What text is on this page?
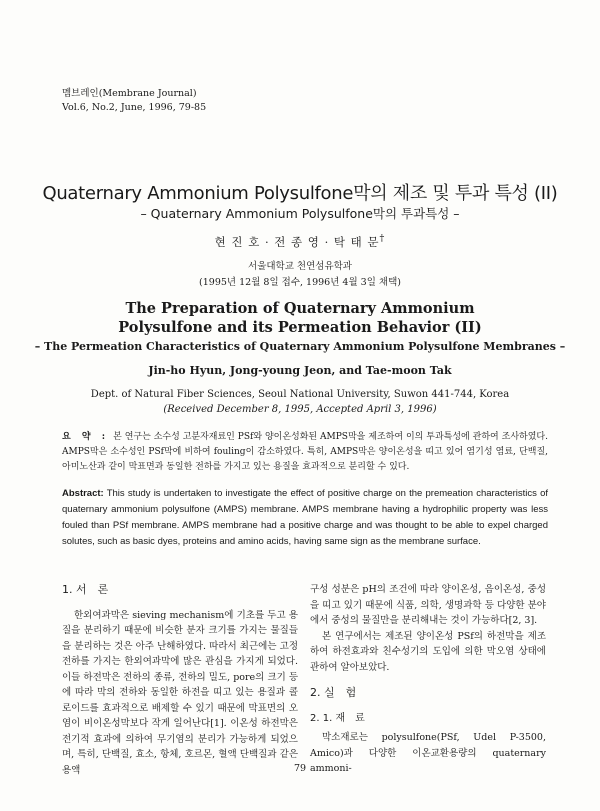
멤브레인(Membrane Journal)
Vol.6, No.2, June, 1996, 79-85
Quaternary Ammonium Polysulfone막의 제조 및 투과 특성 (II)
– Quaternary Ammonium Polysulfone막의 투과특성 –
현 진 호 · 전 종 영 · 탁 태 문†
서울대학교 천연섬유학과
(1995년 12월 8일 접수, 1996년 4월 3일 채택)
The Preparation of Quaternary Ammonium
Polysulfone and its Permeation Behavior (II)
– The Permeation Characteristics of Quaternary Ammonium Polysulfone Membranes –
Jin-ho Hyun, Jong-young Jeon, and Tae-moon Tak
Dept. of Natural Fiber Sciences, Seoul National University, Suwon 441-744, Korea
(Received December 8, 1995, Accepted April 3, 1996)
요 약 : 본 연구는 소수성 고분자재료인 PSf와 양이온성화된 AMPS막을 제조하여 이의 투과특성에 관하여 조사하였다. AMPS막은 소수성인 PSf막에 비하여 fouling이 감소하였다. 특히, AMPS막은 양이온성을 띠고 있어 염기성 염료, 단백질, 아미노산과 같이 막표면과 동일한 전하를 가지고 있는 용질을 효과적으로 분리할 수 있다.
Abstract: This study is undertaken to investigate the effect of positive charge on the premeation characteristics of quaternary ammonium polysulfone (AMPS) membrane. AMPS membrane having a hydrophilic property was less fouled than PSf membrane. AMPS membrane had a positive charge and was thought to be able to expel charged solutes, such as basic dyes, proteins and amino acids, having same sign as the membrane surface.
1. 서　론

한외여과막은 sieving mechanism에 기초를 두고 용질을 분리하기 때문에 비슷한 분자 크기를 가지는 물질들을 분리하는 것은 아주 난해하였다. 따라서 최근에는 고정 전하를 가지는 한외여과막에 많은 관심을 가지게 되었다. 이들 하전막은 전하의 종류, 전하의 밀도, pore의 크기 등에 따라 막의 전하와 동일한 하전을 띠고 있는 용질과 콜로이드를 효과적으로 배제할 수 있기 때문에 막표면의 오염이 비이온성막보다 작게 일어난다[1]. 이온성 하전막은 전기적 효과에 의하여 무기염의 분리가 가능하게 되었으며, 특히, 단백질, 효소, 항체, 호르몬, 혈액 단백질과 같은 용액

구성 성분은 pH의 조건에 따라 양이온성, 음이온성, 중성을 띠고 있기 때문에 식품, 의학, 생명과학 등 다양한 분야에서 중성의 물질만을 분리해내는 것이 가능하다[2, 3].

본 연구에서는 제조된 양이온성 PSf의 하전막을 제조하여 하전효과와 친수성기의 도입에 의한 막오염 상태에 관하여 알아보았다.

2. 실　험
2. 1. 재　료

막소재로는 polysulfone(PSf, Udel P-3500, Amico)과 다양한 이온교환용량의 quaternary ammoni-

79
